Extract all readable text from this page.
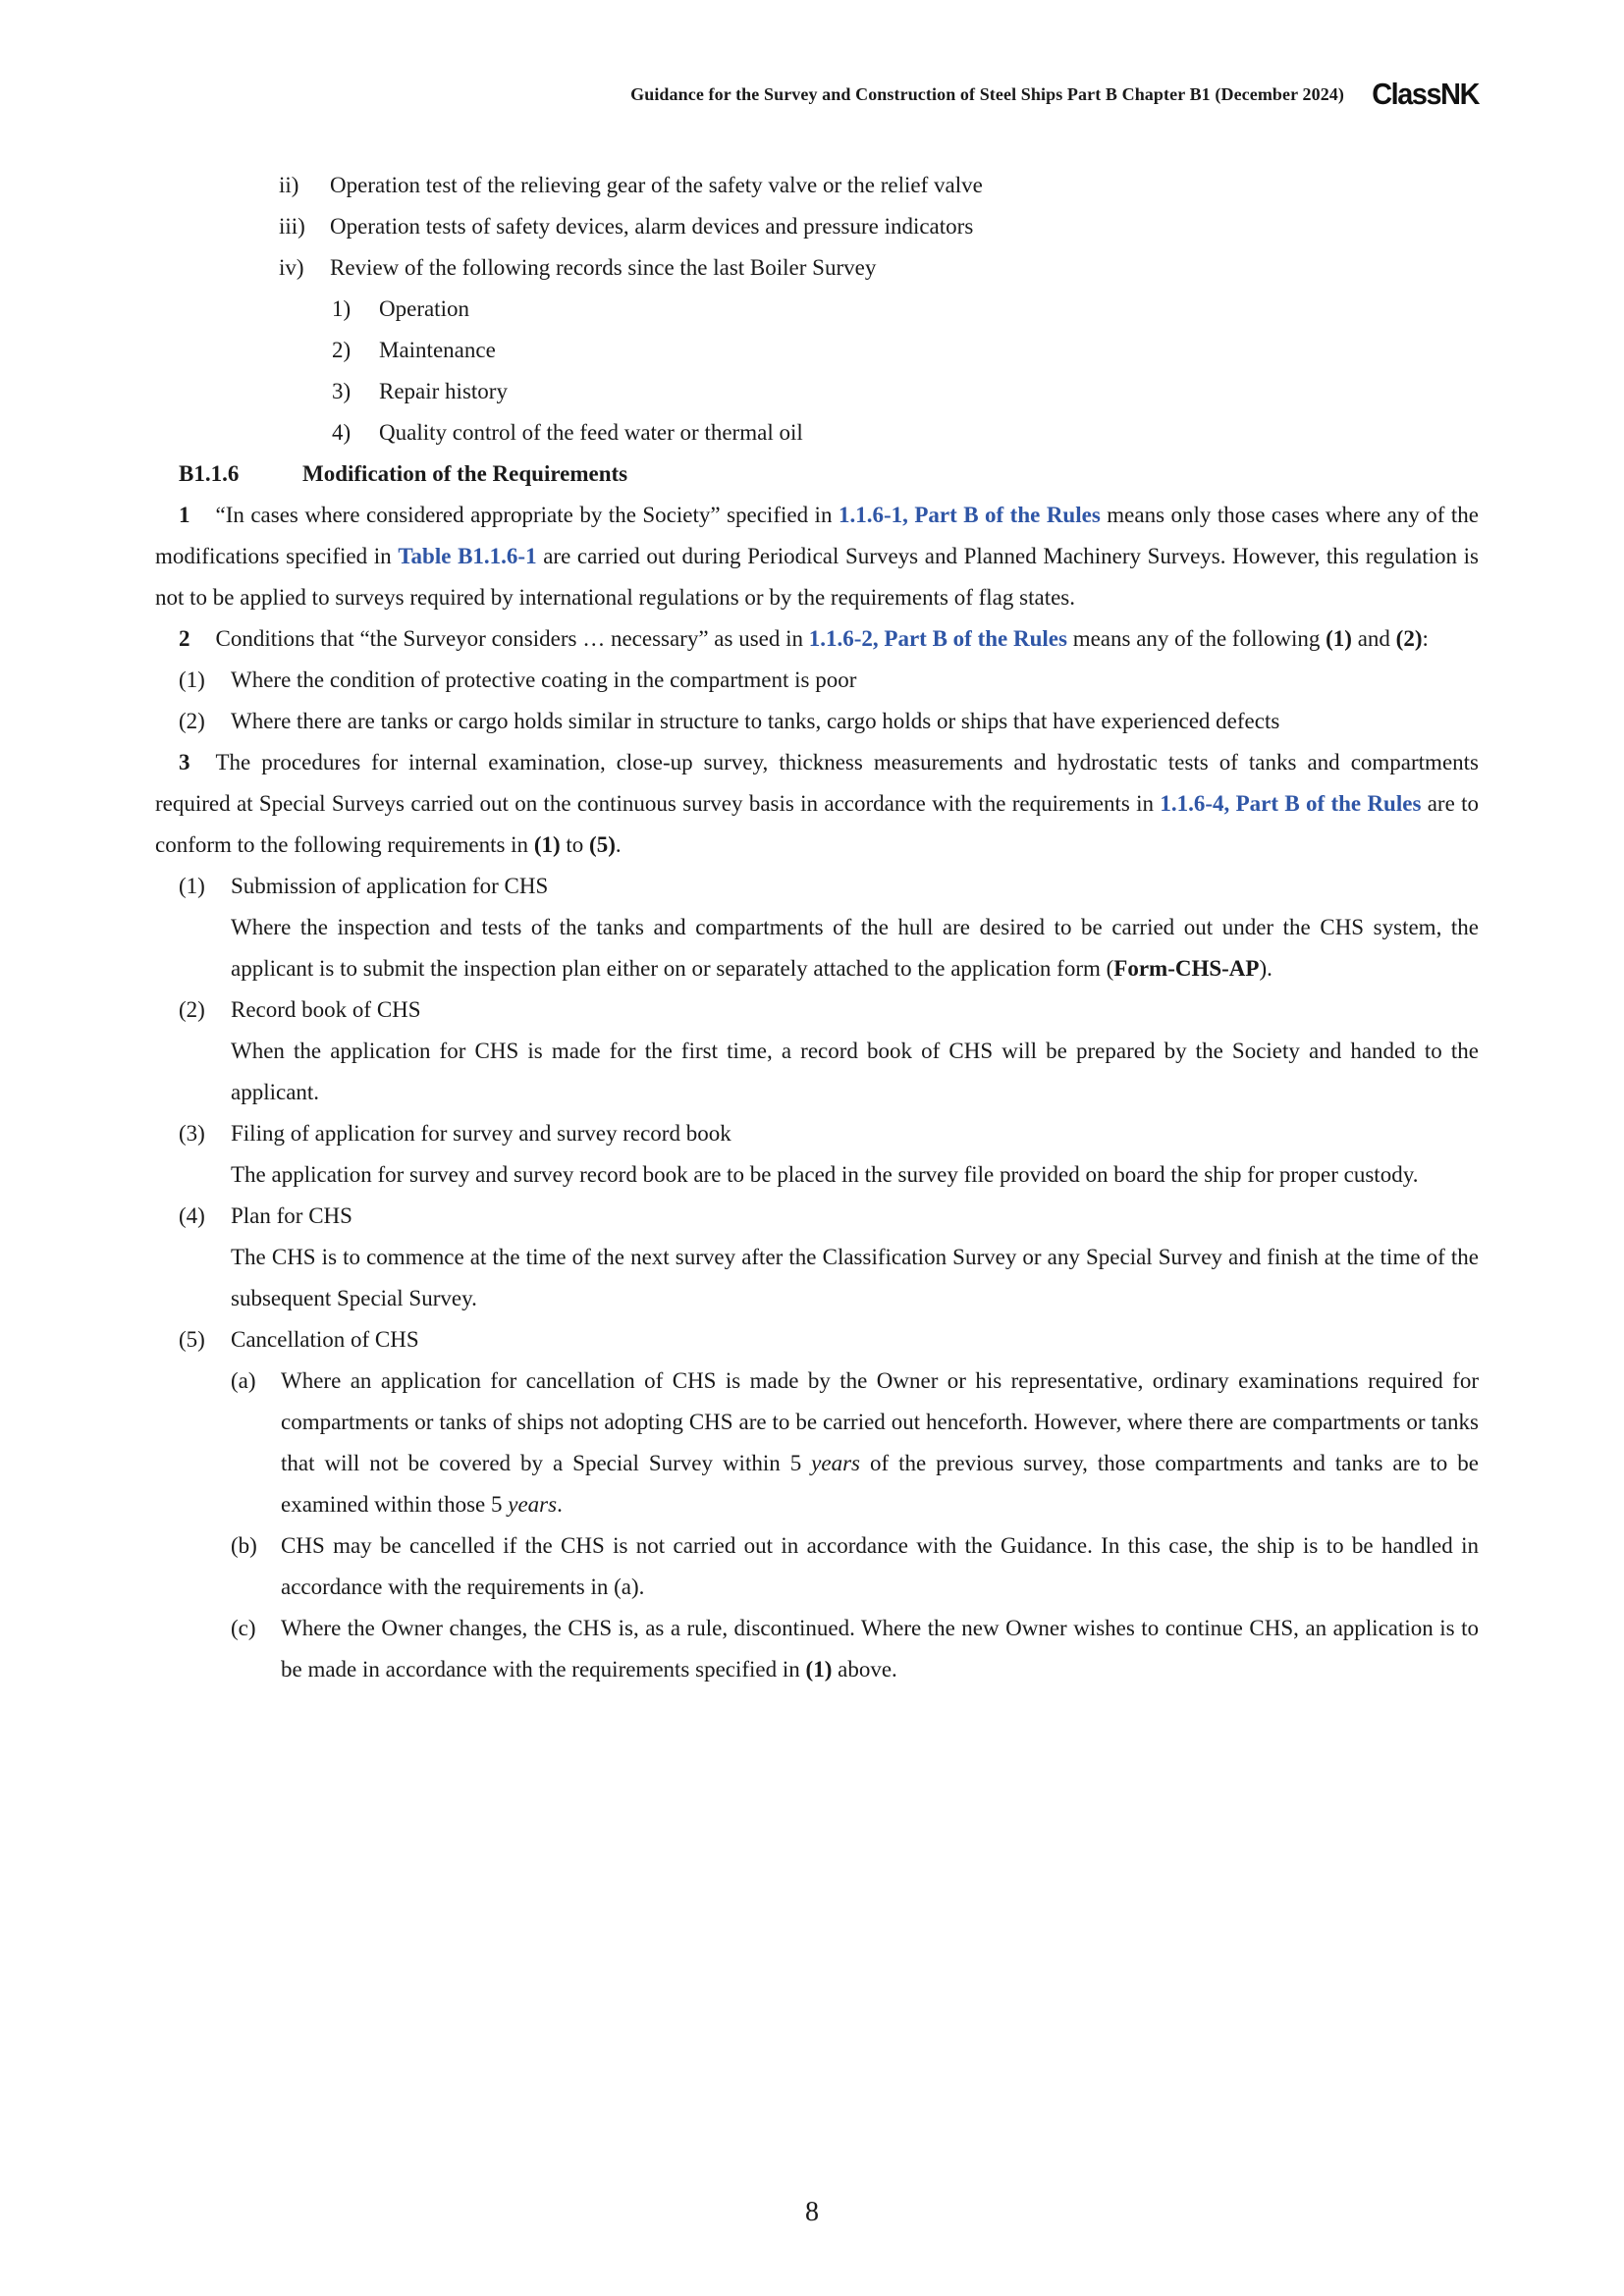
Guidance for the Survey and Construction of Steel Ships Part B Chapter B1 (December 2024) ClassNK
ii) Operation test of the relieving gear of the safety valve or the relief valve
iii) Operation tests of safety devices, alarm devices and pressure indicators
iv) Review of the following records since the last Boiler Survey
1) Operation
2) Maintenance
3) Repair history
4) Quality control of the feed water or thermal oil
B1.1.6	Modification of the Requirements
1 “In cases where considered appropriate by the Society” specified in 1.1.6-1, Part B of the Rules means only those cases where any of the modifications specified in Table B1.1.6-1 are carried out during Periodical Surveys and Planned Machinery Surveys. However, this regulation is not to be applied to surveys required by international regulations or by the requirements of flag states.
2 Conditions that “the Surveyor considers … necessary” as used in 1.1.6-2, Part B of the Rules means any of the following (1) and (2):
(1) Where the condition of protective coating in the compartment is poor
(2) Where there are tanks or cargo holds similar in structure to tanks, cargo holds or ships that have experienced defects
3 The procedures for internal examination, close-up survey, thickness measurements and hydrostatic tests of tanks and compartments required at Special Surveys carried out on the continuous survey basis in accordance with the requirements in 1.1.6-4, Part B of the Rules are to conform to the following requirements in (1) to (5).
(1) Submission of application for CHS
Where the inspection and tests of the tanks and compartments of the hull are desired to be carried out under the CHS system, the applicant is to submit the inspection plan either on or separately attached to the application form (Form-CHS-AP).
(2) Record book of CHS
When the application for CHS is made for the first time, a record book of CHS will be prepared by the Society and handed to the applicant.
(3) Filing of application for survey and survey record book
The application for survey and survey record book are to be placed in the survey file provided on board the ship for proper custody.
(4) Plan for CHS
The CHS is to commence at the time of the next survey after the Classification Survey or any Special Survey and finish at the time of the subsequent Special Survey.
(5) Cancellation of CHS
(a) Where an application for cancellation of CHS is made by the Owner or his representative, ordinary examinations required for compartments or tanks of ships not adopting CHS are to be carried out henceforth. However, where there are compartments or tanks that will not be covered by a Special Survey within 5 years of the previous survey, those compartments and tanks are to be examined within those 5 years.
(b) CHS may be cancelled if the CHS is not carried out in accordance with the Guidance. In this case, the ship is to be handled in accordance with the requirements in (a).
(c) Where the Owner changes, the CHS is, as a rule, discontinued. Where the new Owner wishes to continue CHS, an application is to be made in accordance with the requirements specified in (1) above.
8
